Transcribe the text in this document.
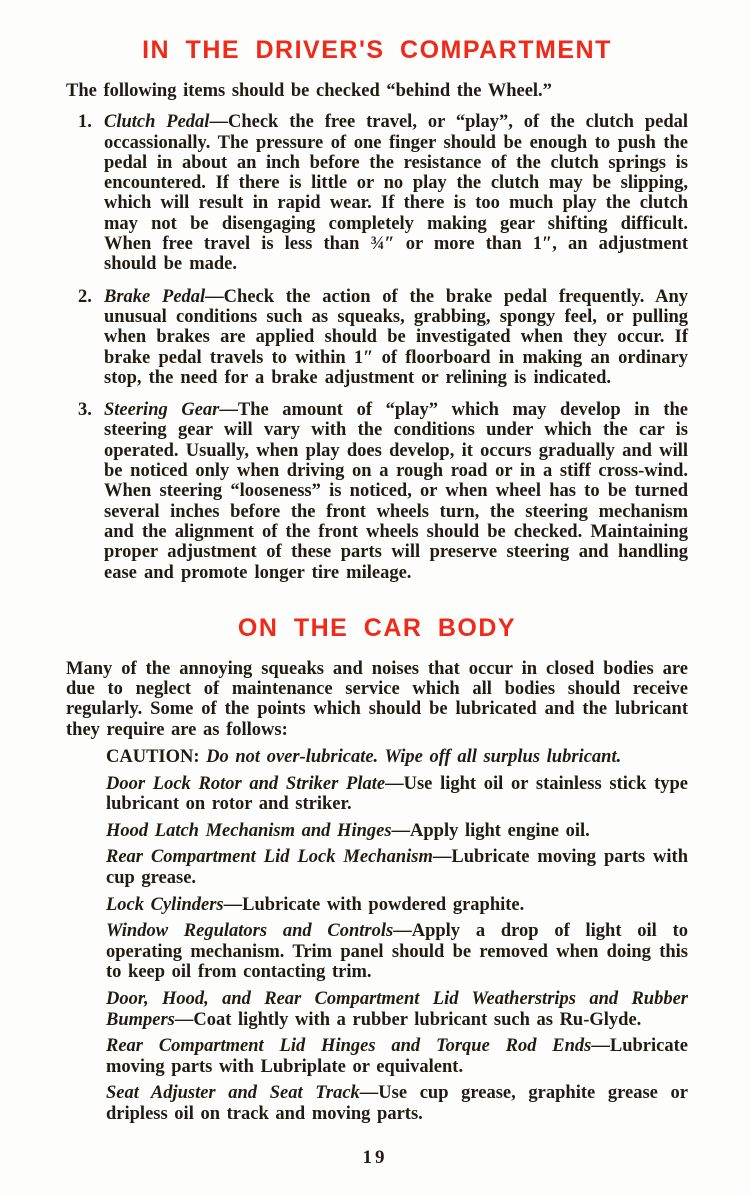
IN THE DRIVER'S COMPARTMENT

The following items should be checked “behind the Wheel.”

1. Clutch Pedal—Check the free travel, or “play”, of the clutch pedal occassionally. The pressure of one finger should be enough to push the pedal in about an inch before the resistance of the clutch springs is encountered. If there is little or no play the clutch may be slipping, which will result in rapid wear. If there is too much play the clutch may not be disengaging completely making gear shifting difficult. When free travel is less than ¾″ or more than 1″, an adjustment should be made.

2. Brake Pedal—Check the action of the brake pedal frequently. Any unusual conditions such as squeaks, grabbing, spongy feel, or pulling when brakes are applied should be investigated when they occur. If brake pedal travels to within 1″ of floorboard in making an ordinary stop, the need for a brake adjustment or relining is indicated.

3. Steering Gear—The amount of “play” which may develop in the steering gear will vary with the conditions under which the car is operated. Usually, when play does develop, it occurs gradually and will be noticed only when driving on a rough road or in a stiff cross-wind. When steering “looseness” is noticed, or when wheel has to be turned several inches before the front wheels turn, the steering mechanism and the alignment of the front wheels should be checked. Maintaining proper adjustment of these parts will preserve steering and handling ease and promote longer tire mileage.

ON THE CAR BODY

Many of the annoying squeaks and noises that occur in closed bodies are due to neglect of maintenance service which all bodies should receive regularly. Some of the points which should be lubricated and the lubricant they require are as follows:

CAUTION: Do not over-lubricate. Wipe off all surplus lubricant.

Door Lock Rotor and Striker Plate—Use light oil or stainless stick type lubricant on rotor and striker.

Hood Latch Mechanism and Hinges—Apply light engine oil.

Rear Compartment Lid Lock Mechanism—Lubricate moving parts with cup grease.

Lock Cylinders—Lubricate with powdered graphite.

Window Regulators and Controls—Apply a drop of light oil to operating mechanism. Trim panel should be removed when doing this to keep oil from contacting trim.

Door, Hood, and Rear Compartment Lid Weatherstrips and Rubber Bumpers—Coat lightly with a rubber lubricant such as Ru-Glyde.

Rear Compartment Lid Hinges and Torque Rod Ends—Lubricate moving parts with Lubriplate or equivalent.

Seat Adjuster and Seat Track—Use cup grease, graphite grease or dripless oil on track and moving parts.

19
